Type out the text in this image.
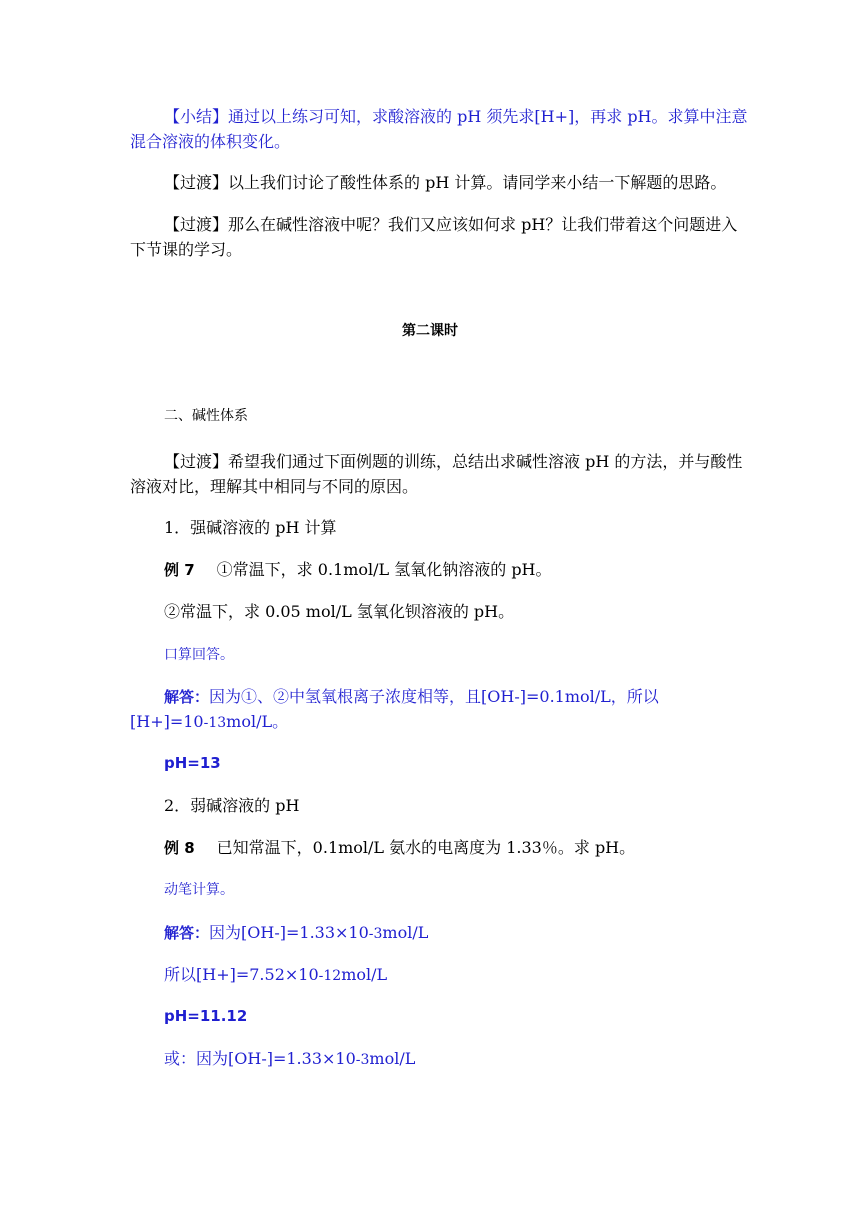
【小结】通过以上练习可知，求酸溶液的 pH 须先求[H+]，再求 pH。求算中注意
混合溶液的体积变化。
【过渡】以上我们讨论了酸性体系的 pH 计算。请同学来小结一下解题的思路。
【过渡】那么在碱性溶液中呢？我们又应该如何求 pH？让我们带着这个问题进入
下节课的学习。
第二课时
二、碱性体系
【过渡】希望我们通过下面例题的训练，总结出求碱性溶液 pH 的方法，并与酸性
溶液对比，理解其中相同与不同的原因。
1．强碱溶液的 pH 计算
例 7 ①常温下，求 0.1mol/L 氢氧化钠溶液的 pH。
②常温下，求 0.05 mol/L 氢氧化钡溶液的 pH。
口算回答。
解答：因为①、②中氢氧根离子浓度相等，且[OH-]=0.1mol/L，所以
[H+]=10-13mol/L。
pH=13
2．弱碱溶液的 pH
例 8 已知常温下，0.1mol/L 氨水的电离度为 1.33％。求 pH。
动笔计算。
解答：因为[OH-]=1.33×10-3mol/L
所以[H+]=7.52×10-12mol/L
pH=11.12
或：因为[OH-]=1.33×10-3mol/L
